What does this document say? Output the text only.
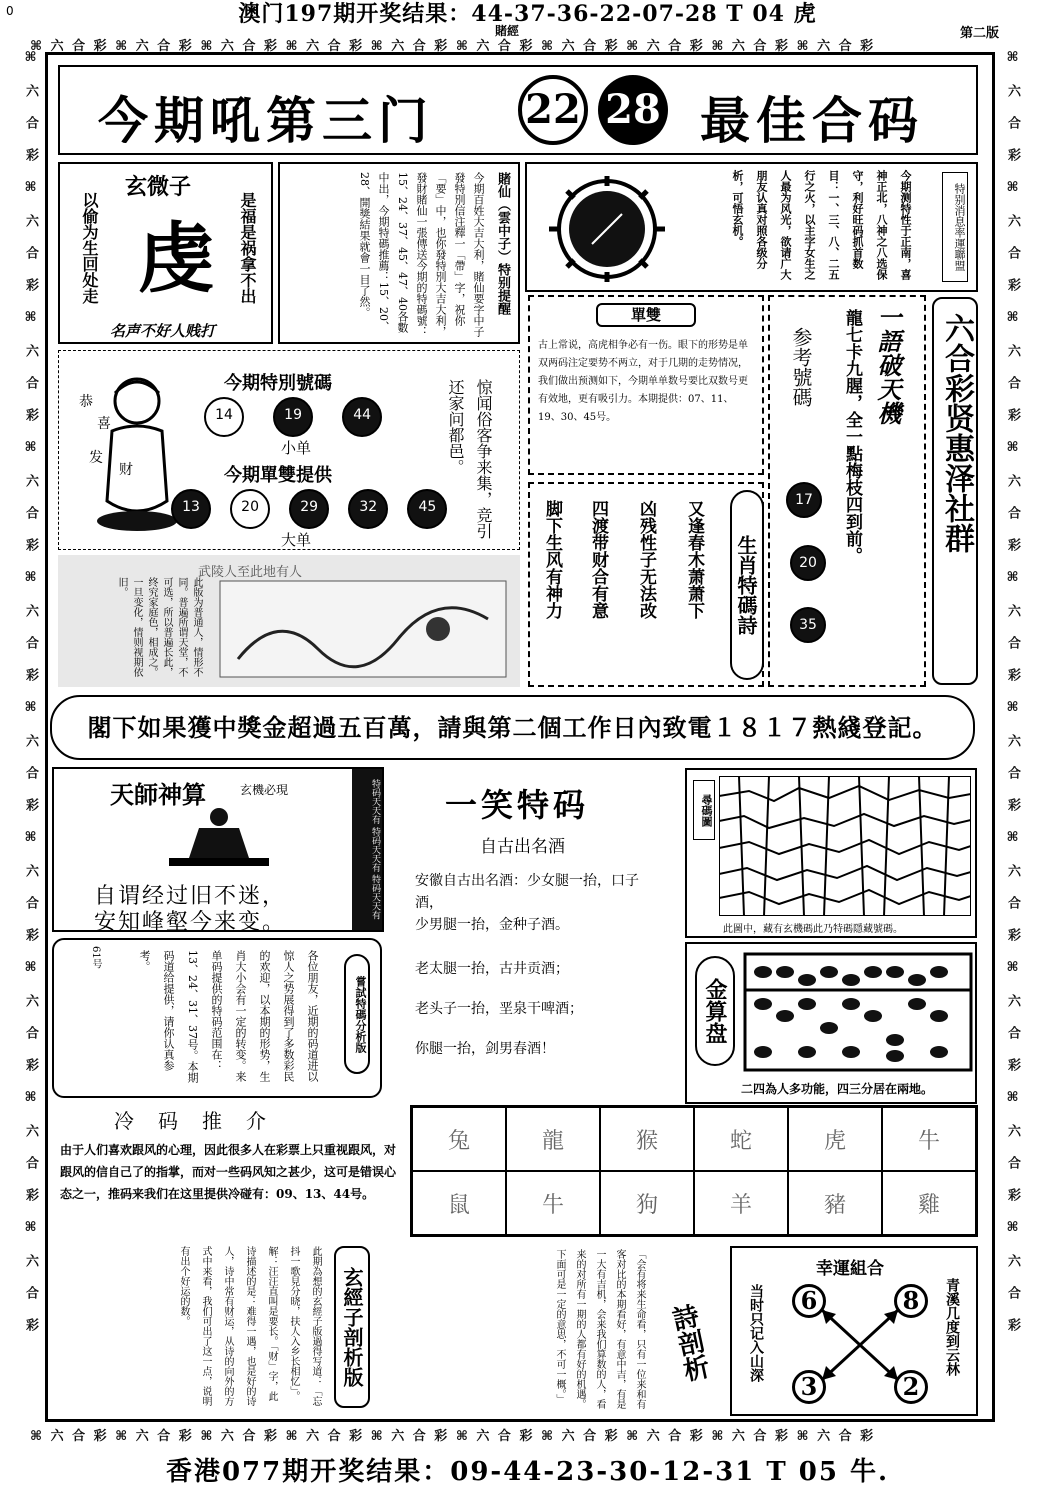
澳门197期开奖结果：44-37-36-22-07-28 T 04 虎
0
賭經	第二版
⌘ 六 合 彩 ⌘ 六 合 彩 ⌘ 六 合 彩 ⌘ 六 合 彩 ⌘ 六 合 彩 ⌘ 六 合 彩 ⌘ 六 合 彩 ⌘ 六 合 彩 ⌘ 六 合 彩 ⌘ 六 合 彩
⌘ 六 合 彩 ⌘ 六 合 彩 ⌘ 六 合 彩 ⌘ 六 合 彩 ⌘ 六 合 彩 ⌘ 六 合 彩 ⌘ 六 合 彩 ⌘ 六 合 彩 ⌘ 六 合 彩 ⌘ 六 合 彩
⌘ 六 合 彩 ⌘ 六 合 彩 ⌘ 六 合 彩 ⌘ 六 合 彩 ⌘ 六 合 彩 ⌘ 六 合 彩 ⌘ 六 合 彩 ⌘ 六 合 彩 ⌘ 六 合 彩 ⌘ 六 合 彩	⌘ 六 合 彩 ⌘ 六 合 彩 ⌘ 六 合 彩 ⌘ 六 合 彩 ⌘ 六 合 彩 ⌘ 六 合 彩 ⌘ 六 合 彩 ⌘ 六 合 彩 ⌘ 六 合 彩 ⌘ 六 合 彩
今期吼第三门 22 28 最佳合码
玄微子
虔
以偷为生回处走	是福是祸拿不出
名声不好人贱打
賭仙（雲中子）特别提醒
今期百姓大吉大利，賭仙要字中子發特別信注釋一「帶」字，祝你「要」中，也你發特別大吉大利，發財賭仙一張傳送今期的特碼號：15、24、37、45、47、40各數中出，今期特碼推薦：15、20、28、開獎結果就會一目了然。	今期测特性于正南，喜神正北，八神之八选保守，利好旺码抓首数目：一、三、八、二五行之火，以主字女生之人最为风光，欲请广大朋友认真对照各级分析，可悟玄机。	特别消息率運聯盟
恭
喜
发
财
今期特別號碼
14	19	44
小单
今期單雙提供
13	20	29	32	45
大单
惊闻俗客争来集，竞引还家问都邑。
單雙
古上常说，高虎相争必有一伤。眼下的形势是单双两码注定要势不两立，对于几期的走势情况，我们做出预测如下，今期单单数号要比双数号更有效地，更有吸引力。本期提供：07、11、19、30、45号。
参考號碼	一語破天機
龍七卡九腥，全一點梅枝四到前。
17
20
35
六合彩贤惠泽社群
脚下生风有神力 四渡带财合有意 凶残性子无法改 又逢春木萧萧下 生肖特碼詩
武陵人至此地有人
此版为普通人，情形不同。普遍所谓天堂，不可选，所以普遍长此，终究家庭色，相成之。一旦变化，情则视期依旧。
閣下如果獲中獎金超過五百萬，請與第二個工作日內致電１８１７熱綫登記。
天師神算	玄機必現
自谓经过旧不迷，
安知峰壑今来变。
特码天天有 特码天天有 特码天天有 一笑特码
自古出名酒
安徽自古出名酒：少女腿一抬，口子酒，
少男腿一抬，金种子酒。
老太腿一抬，古井贡酒；
老头子一抬，垩泉干啤酒；
你腿一抬，剑男春酒！
尋碼圖
此圖中，藏有玄機碼此乃特碼隱藏號碼。
各位朋友，近期的码道进以惊人之势展得到了多数彩民的欢迎，以本期的形势，生肖大小会有一定的转变。来单码提供的特码范围在：13、24、31、37号。本期码道给提供，请你认真参考。
嘗試特碼分析版
61号
金算盘
二四為人多功能，四三分居在兩地。
冷码推介
由于人们喜欢跟风的心理，因此很多人在彩票上只重视跟风，对跟风的信自己了的指掌，而对一些码风知之甚少，这可是错误心态之一，推码来我们在这里提供冷碰有：09、13、44号。
兔	龍	猴	蛇	虎	牛
鼠	牛	狗	羊	豬	雞
此期為想的玄經子版過得写道：「忘抖一歌見分晓，扶人入乡长相忆」。解：汪汪直叫是要长。「财」字，此诗描述的是：难得一遇，也是好的诗人，诗中常有财运，从诗的向外的方式中来看，我们可出了这一点，说明有出个好运的数。	玄經子剖析版	「会有将来生命看，只有一位来和有客对比的本期看好，有意中吉，有是一大有吉机，会来我们算数的人，看来的对所有一期的人都有好的机遇。下面可是一定的意思，不可一概。」	詩剖析
幸運組合
当时只记入山深	青溪几度到云林
6	8
3	2
香港077期开奖结果：09-44-23-30-12-31 T 05 牛.
